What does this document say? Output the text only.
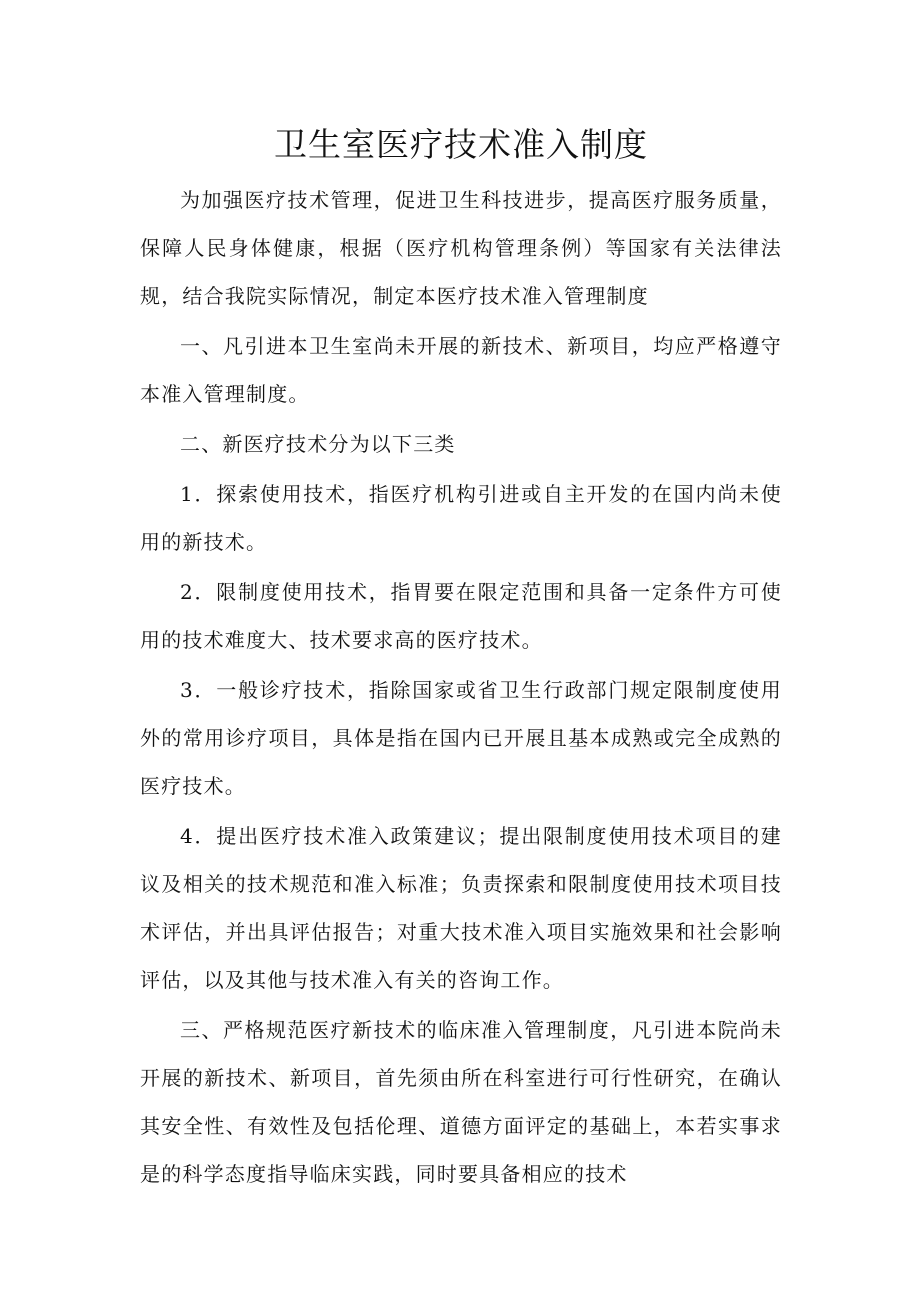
卫生室医疗技术准入制度

为加强医疗技术管理，促进卫生科技进步，提高医疗服务质量，保障人民身体健康，根据（医疗机构管理条例）等国家有关法律法规，结合我院实际情况，制定本医疗技术准入管理制度

一、凡引进本卫生室尚未开展的新技术、新项目，均应严格遵守本准入管理制度。

二、新医疗技术分为以下三类

1．探索使用技术，指医疗机构引进或自主开发的在国内尚未使用的新技术。

2．限制度使用技术，指胃要在限定范围和具备一定条件方可使用的技术难度大、技术要求高的医疗技术。

3．一般诊疗技术，指除国家或省卫生行政部门规定限制度使用外的常用诊疗项目，具体是指在国内已开展且基本成熟或完全成熟的医疗技术。

4．提出医疗技术准入政策建议；提出限制度使用技术项目的建议及相关的技术规范和准入标准；负责探索和限制度使用技术项目技术评估，并出具评估报告；对重大技术准入项目实施效果和社会影响评估，以及其他与技术准入有关的咨询工作。

三、严格规范医疗新技术的临床准入管理制度，凡引进本院尚未开展的新技术、新项目，首先须由所在科室进行可行性研究，在确认其安全性、有效性及包括伦理、道德方面评定的基础上，本若实事求是的科学态度指导临床实践，同时要具备相应的技术
